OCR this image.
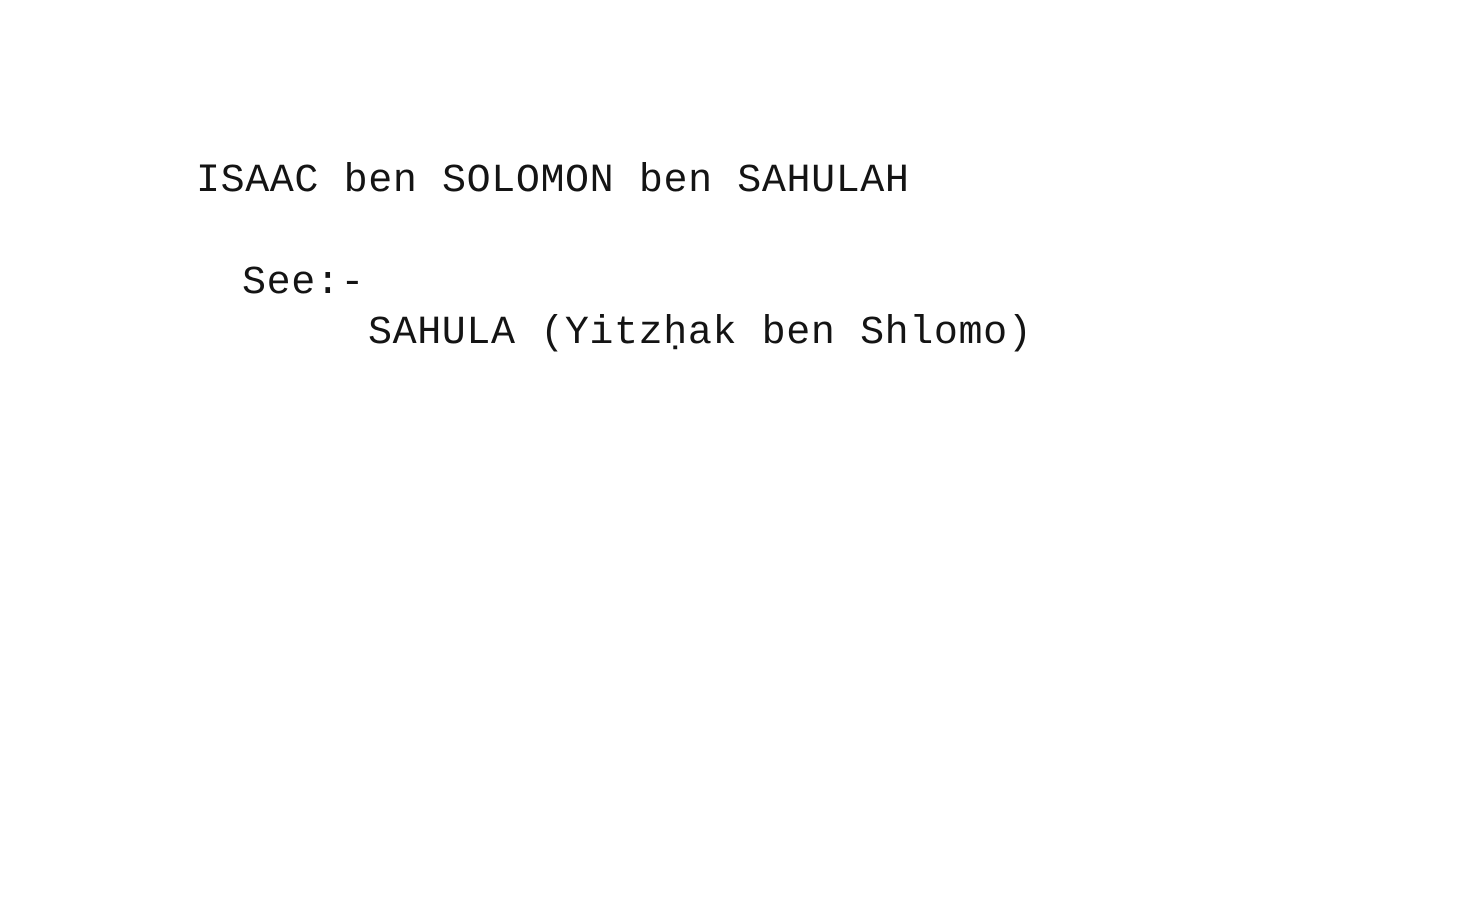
ISAAC ben SOLOMON ben SAHULAH
See:-
SAHULA (Yitzḥak ben Shlomo)
